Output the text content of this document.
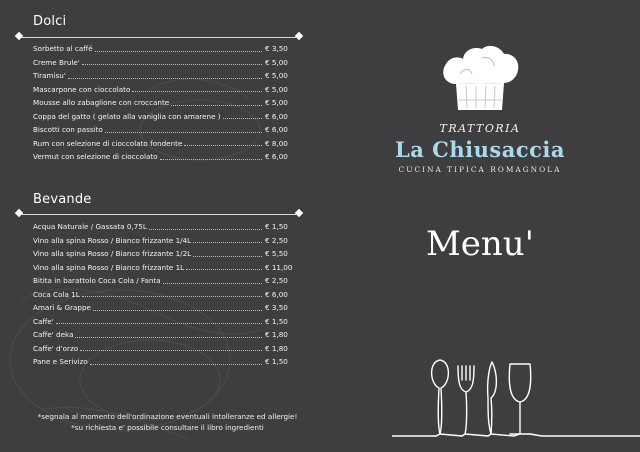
Dolci
Sorbetto al caffé	€ 3,50
Creme Brule'	€ 5,00
Tiramisu'	€ 5,00
Mascarpone con cioccolato	€ 5,00
Mousse allo zabaglione con croccante	€ 5,00
Coppa del gatto ( gelato alla vaniglia con amarene )	€ 6,00
Biscotti con passito	€ 6,00
Rum con selezione di cioccolato fondente	€ 8,00
Vermut con selezione di cioccolato	€ 6,00
Bevande
Acqua Naturale / Gassata 0,75L	€ 1,50
Vino alla spina Rosso / Bianco frizzante 1/4L	€ 2,50
Vino alla spina Rosso / Bianco frizzante 1/2L	€ 5,50
Vino alla spina Rosso / Bianco frizzante 1L	€ 11,00
Bitita in barattolo Coca Cola / Fanta	€ 2,50
Coca Cola 1L	€ 6,00
Amari & Grappe	€ 3,50
Caffe'	€ 1,50
Caffe' deka	€ 1,80
Caffe' d'orzo	€ 1,80
Pane e Serivizo	€ 1,50
*segnala al momento dell'ordinazione eventuali intolleranze ed allergie!
*su richiesta e' possibile consultare il libro ingredienti
TRATTORIA
La Chiusaccia
CUCINA TIPICA ROMAGNOLA
Menu'
